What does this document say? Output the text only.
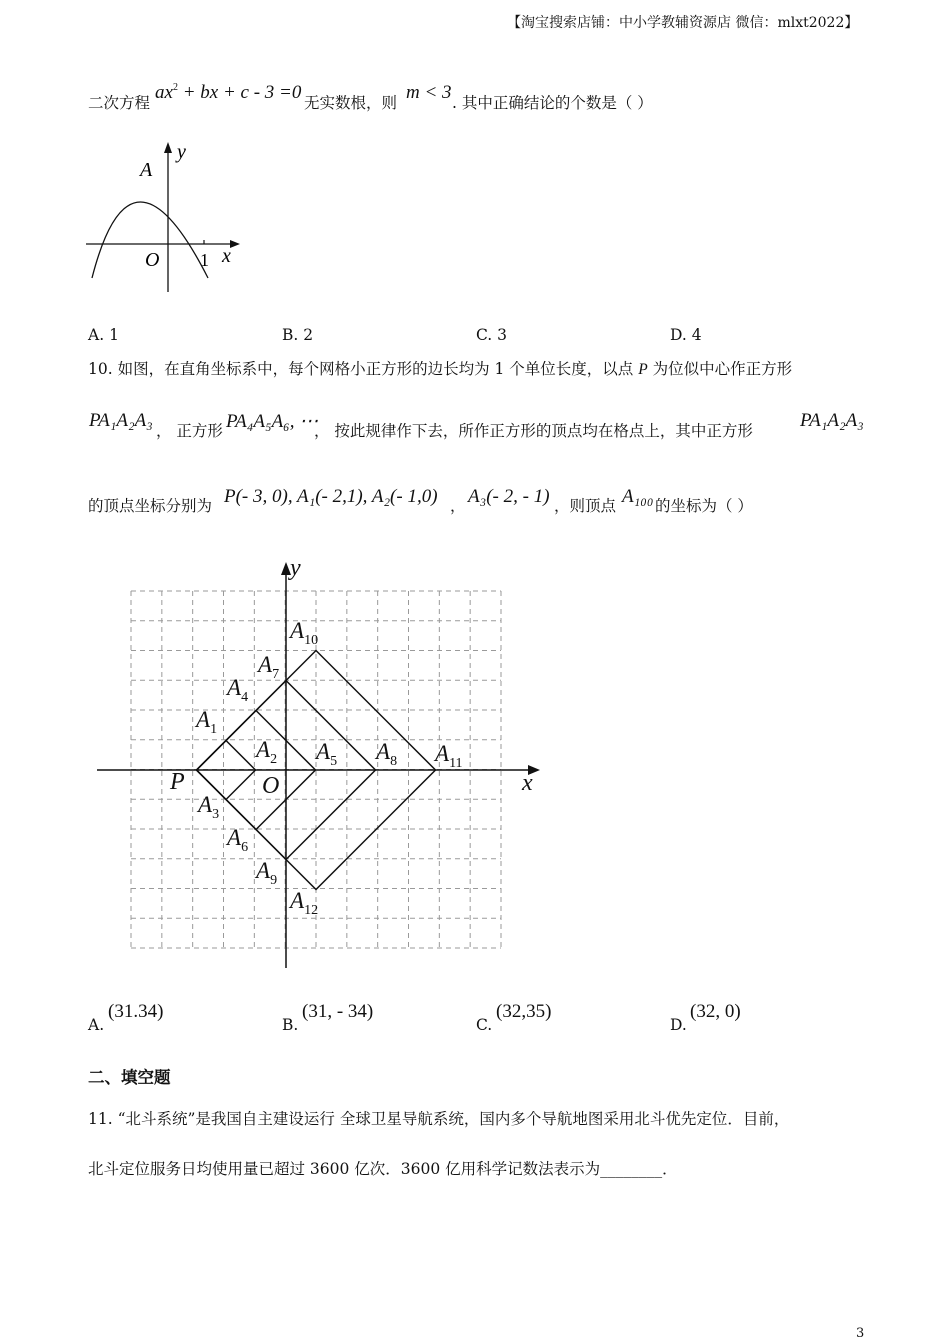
【淘宝搜索店铺：中小学教辅资源店 微信：mlxt2022】
二次方程 $ax^2$ + bx + c - 3 =0 无实数根，则 m < 3 . 其中正确结论的个数是（ ）
A
y
O 1 x
A. 1	B. 2	C. 3	D. 4
10. 如图，在直角坐标系中，每个网格小正方形的边长均为 1 个单位长度，以点 P 为位似中心作正方形
PA₁A₂A₃ ， 正方形 PA₄A₅A₆, ⋯
， 按此规律作下去，所作正方形的顶点均在格点上，其中正方形 PA₁A₂A₃
的顶点坐标分别为 P(- 3, 0), A₁(- 2,1), A₂(- 1,0) ， A₃(- 2, - 1) ，则顶点 A₁₀₀ 的坐标为（ ）
y
x
O
P
$A_1$
$A_2$
$A_3$
$A_4$
$A_5$
$A_6$
$A_7$
$A_8$
$A_9$
$A_{10}$
$A_{11}$
$A_{12}$
A.
(31.34)
B.
(31, - 34)
C.
(32,35)
D.
(32, 0)
二、填空题
11. “北斗系统”是我国自主建设运行 全球卫星导航系统，国内多个导航地图采用北斗优先定位．目前，
北斗定位服务日均使用量已超过 3600 亿次．3600 亿用科学记数法表示为________．
3
